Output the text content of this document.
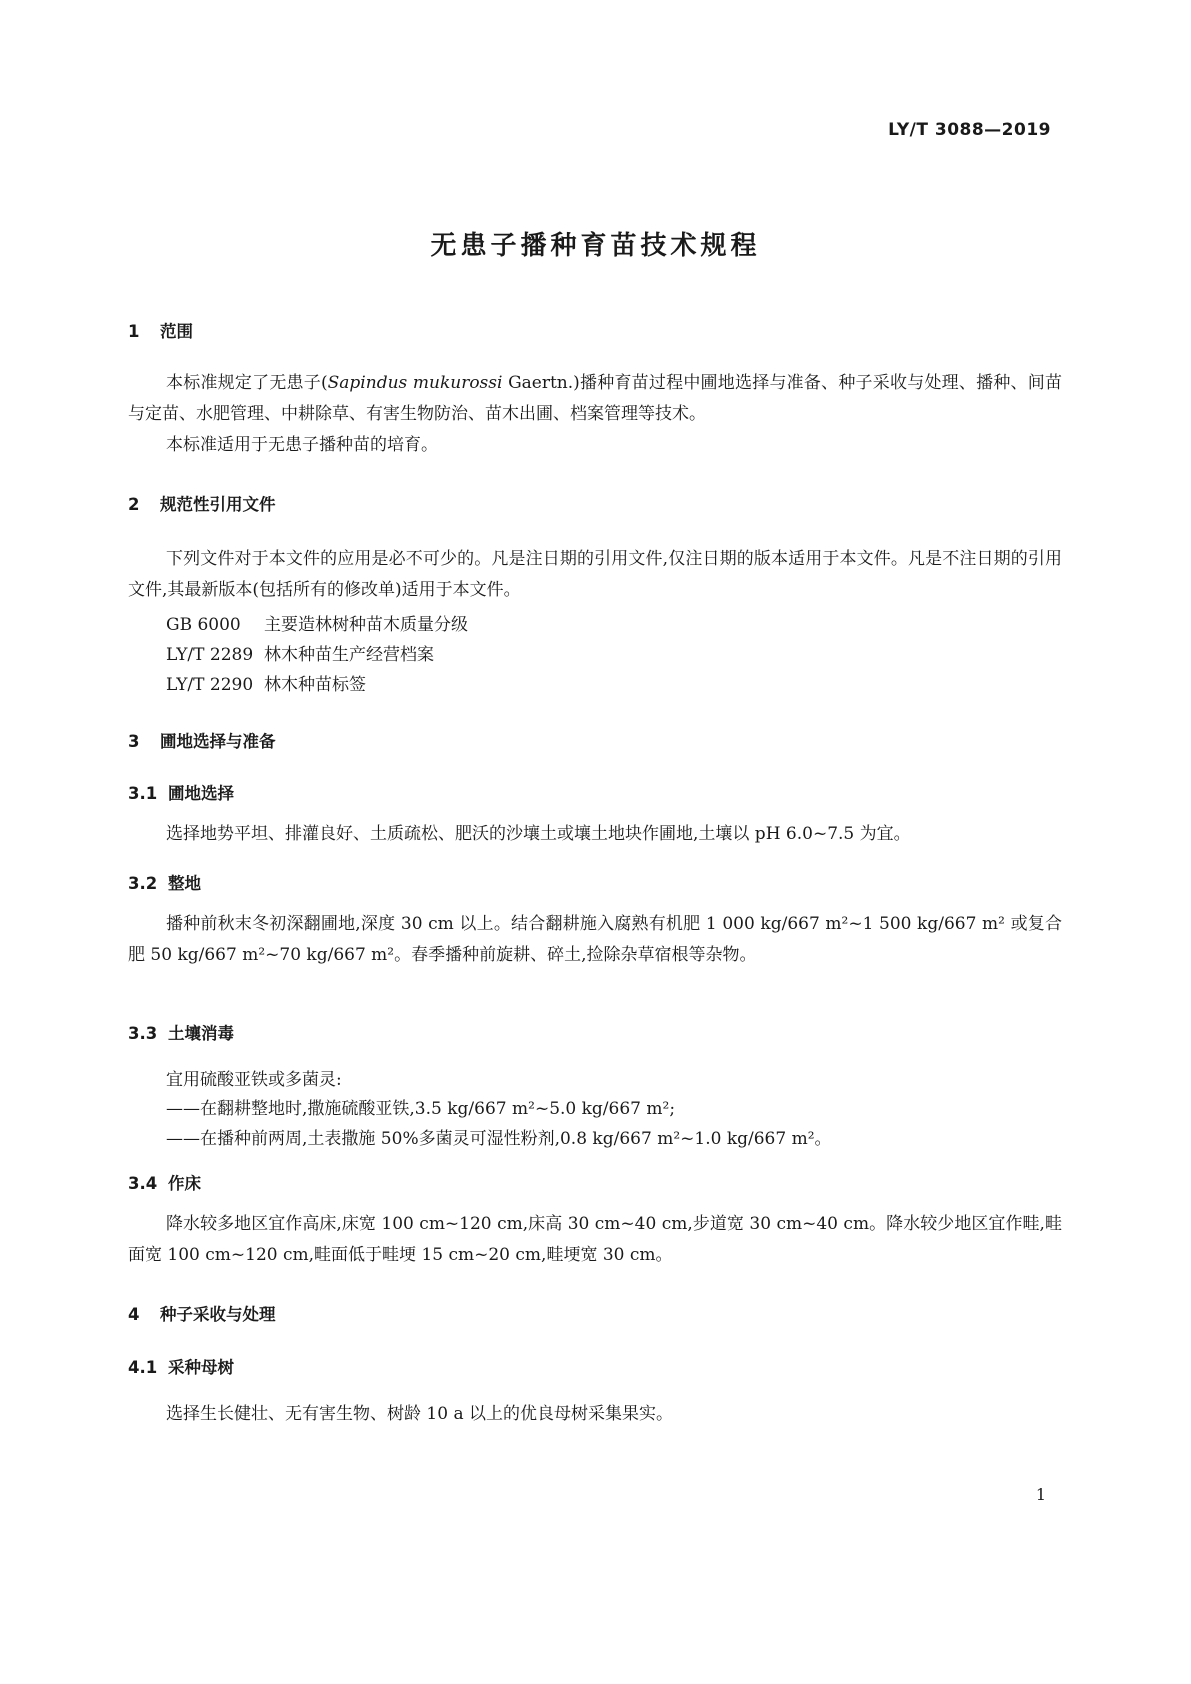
LY/T 3088—2019
无患子播种育苗技术规程
1 范围
本标准规定了无患子(Sapindus mukurossi Gaertn.)播种育苗过程中圃地选择与准备、种子采收与处理、播种、间苗与定苗、水肥管理、中耕除草、有害生物防治、苗木出圃、档案管理等技术。
本标准适用于无患子播种苗的培育。
2 规范性引用文件
下列文件对于本文件的应用是必不可少的。凡是注日期的引用文件,仅注日期的版本适用于本文件。凡是不注日期的引用文件,其最新版本(包括所有的修改单)适用于本文件。
GB 6000 主要造林树种苗木质量分级
LY/T 2289 林木种苗生产经营档案
LY/T 2290 林木种苗标签
3 圃地选择与准备
3.1 圃地选择
选择地势平坦、排灌良好、土质疏松、肥沃的沙壤土或壤土地块作圃地,土壤以 pH 6.0~7.5 为宜。
3.2 整地
播种前秋末冬初深翻圃地,深度 30 cm 以上。结合翻耕施入腐熟有机肥 1 000 kg/667 m²~1 500 kg/667 m² 或复合肥 50 kg/667 m²~70 kg/667 m²。春季播种前旋耕、碎土,捡除杂草宿根等杂物。
3.3 土壤消毒
宜用硫酸亚铁或多菌灵:
——在翻耕整地时,撒施硫酸亚铁,3.5 kg/667 m²~5.0 kg/667 m²;
——在播种前两周,土表撒施 50%多菌灵可湿性粉剂,0.8 kg/667 m²~1.0 kg/667 m²。
3.4 作床
降水较多地区宜作高床,床宽 100 cm~120 cm,床高 30 cm~40 cm,步道宽 30 cm~40 cm。降水较少地区宜作畦,畦面宽 100 cm~120 cm,畦面低于畦埂 15 cm~20 cm,畦埂宽 30 cm。
4 种子采收与处理
4.1 采种母树
选择生长健壮、无有害生物、树龄 10 a 以上的优良母树采集果实。
1
